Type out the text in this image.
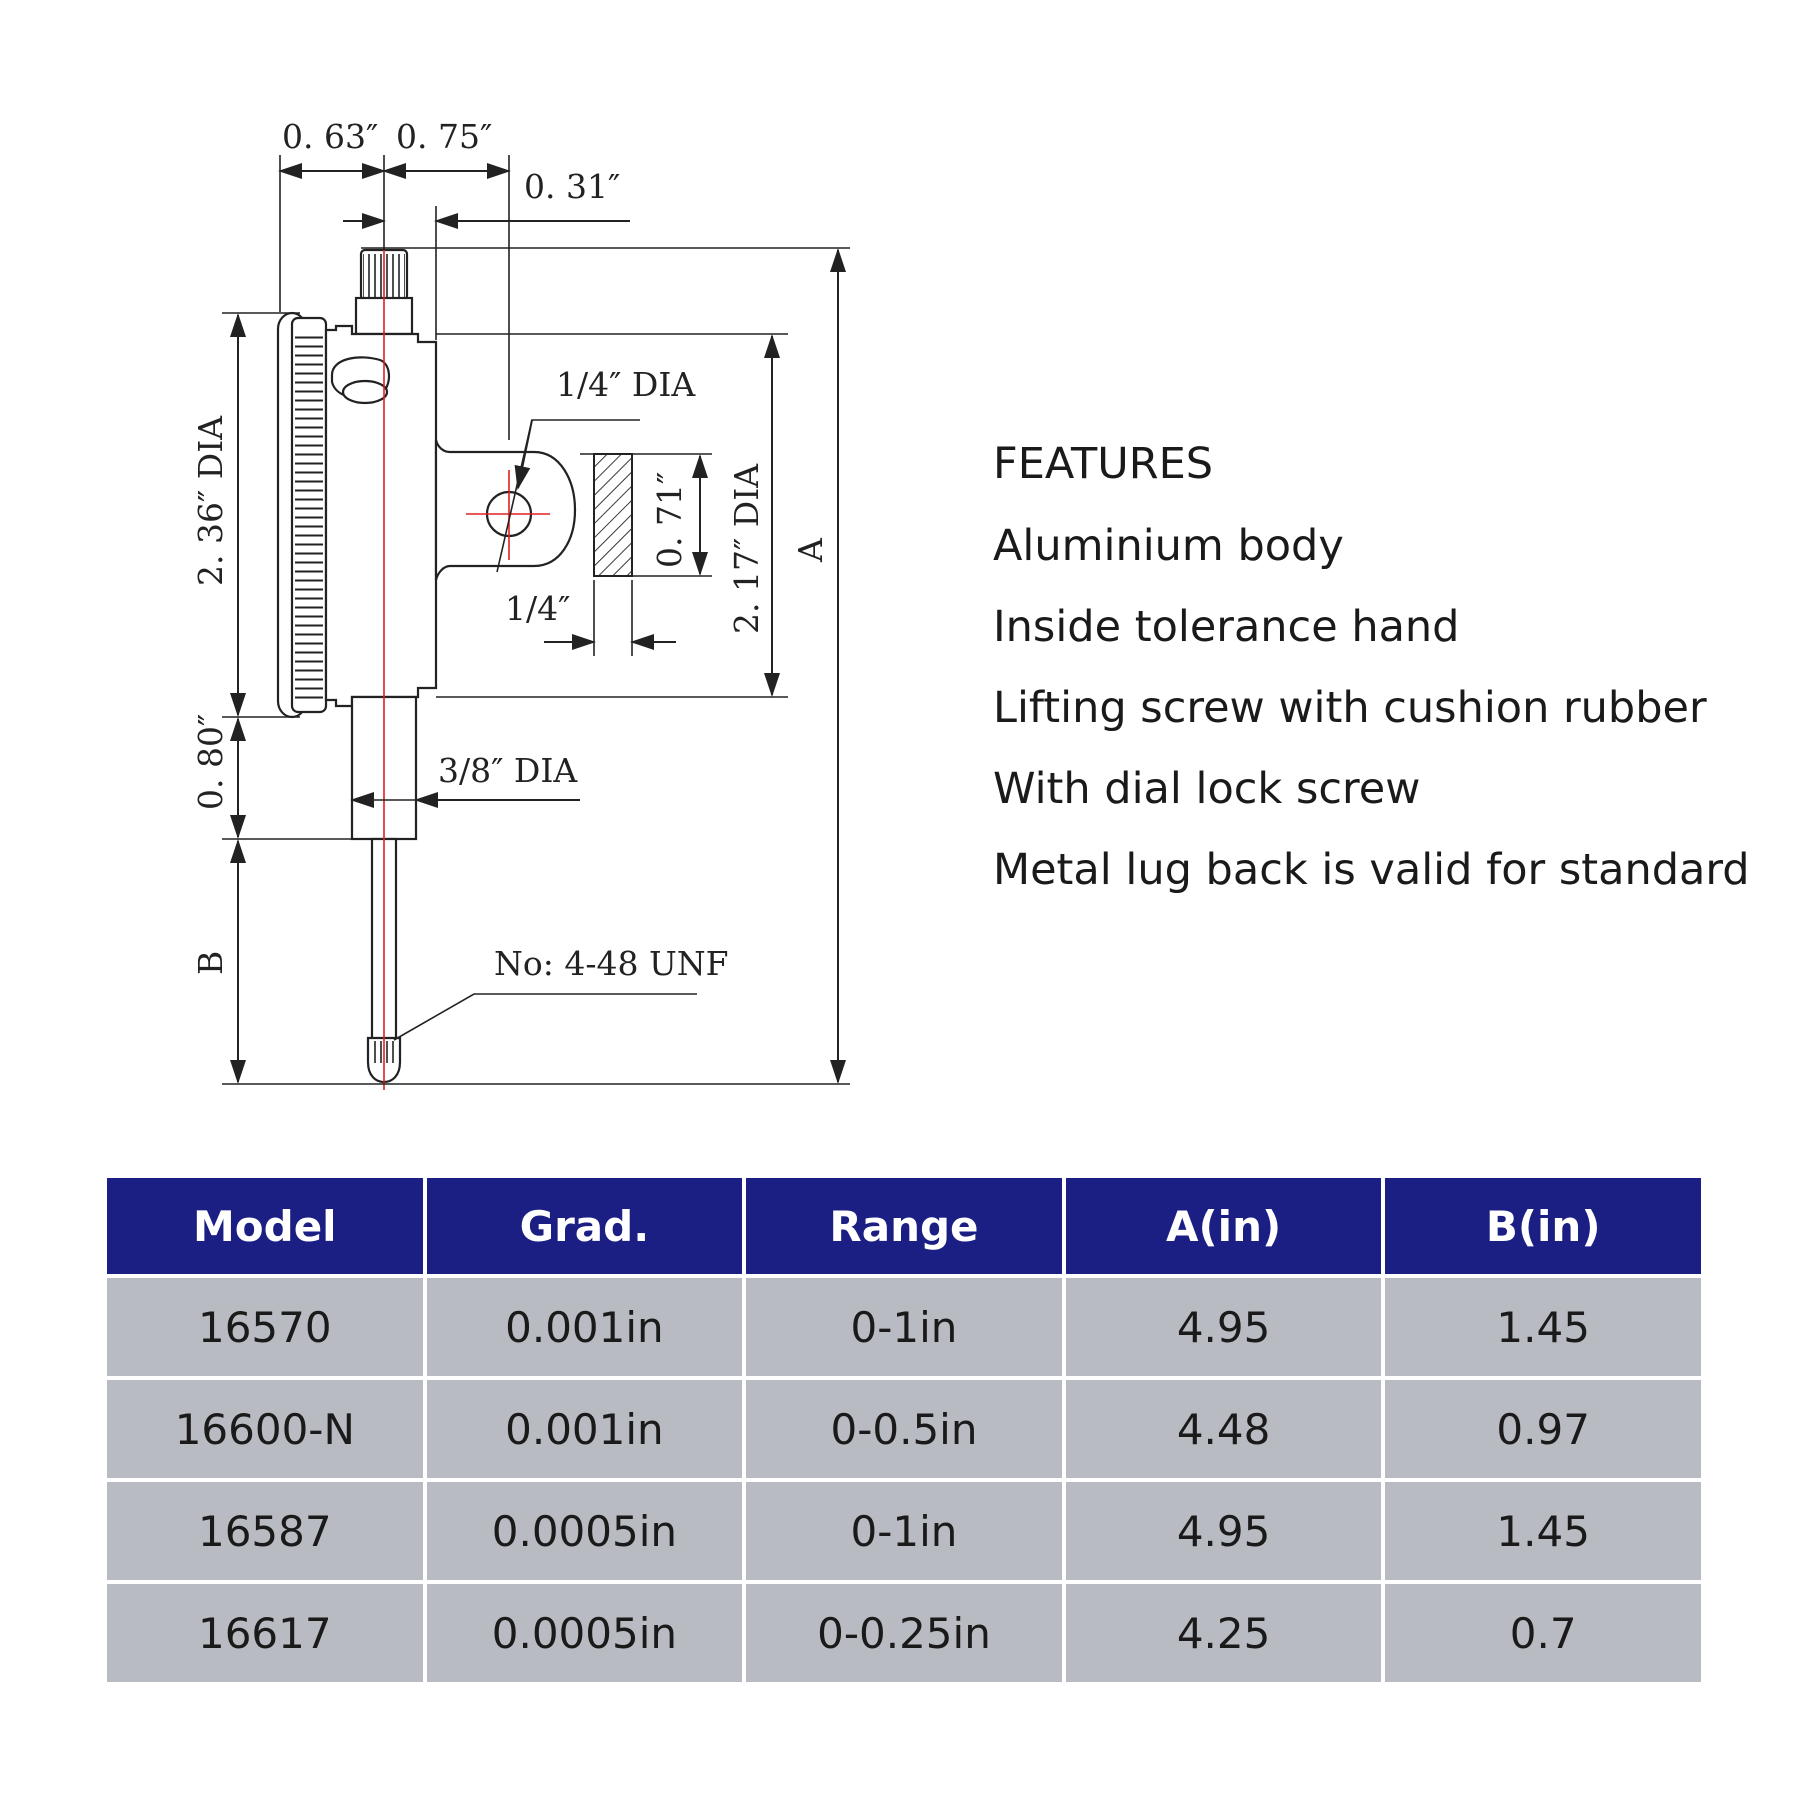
0. 63″ 0. 75″
0. 31″
1/4″ DIA
1/4″
0. 71″ 2. 17″ DIA A
2. 36″ DIA
0. 80″	3/8″ DIA
B	No: 4-48 UNF
FEATURES
Aluminium body
Inside tolerance hand
Lifting screw with cushion rubber
With dial lock screw
Metal lug back is valid for standard
Model	Grad.	Range	A(in)	B(in)
16570	0.001in	0-1in	4.95	1.45
16600-N	0.001in	0-0.5in	4.48	0.97
16587	0.0005in	0-1in	4.95	1.45
16617	0.0005in	0-0.25in	4.25	0.7
